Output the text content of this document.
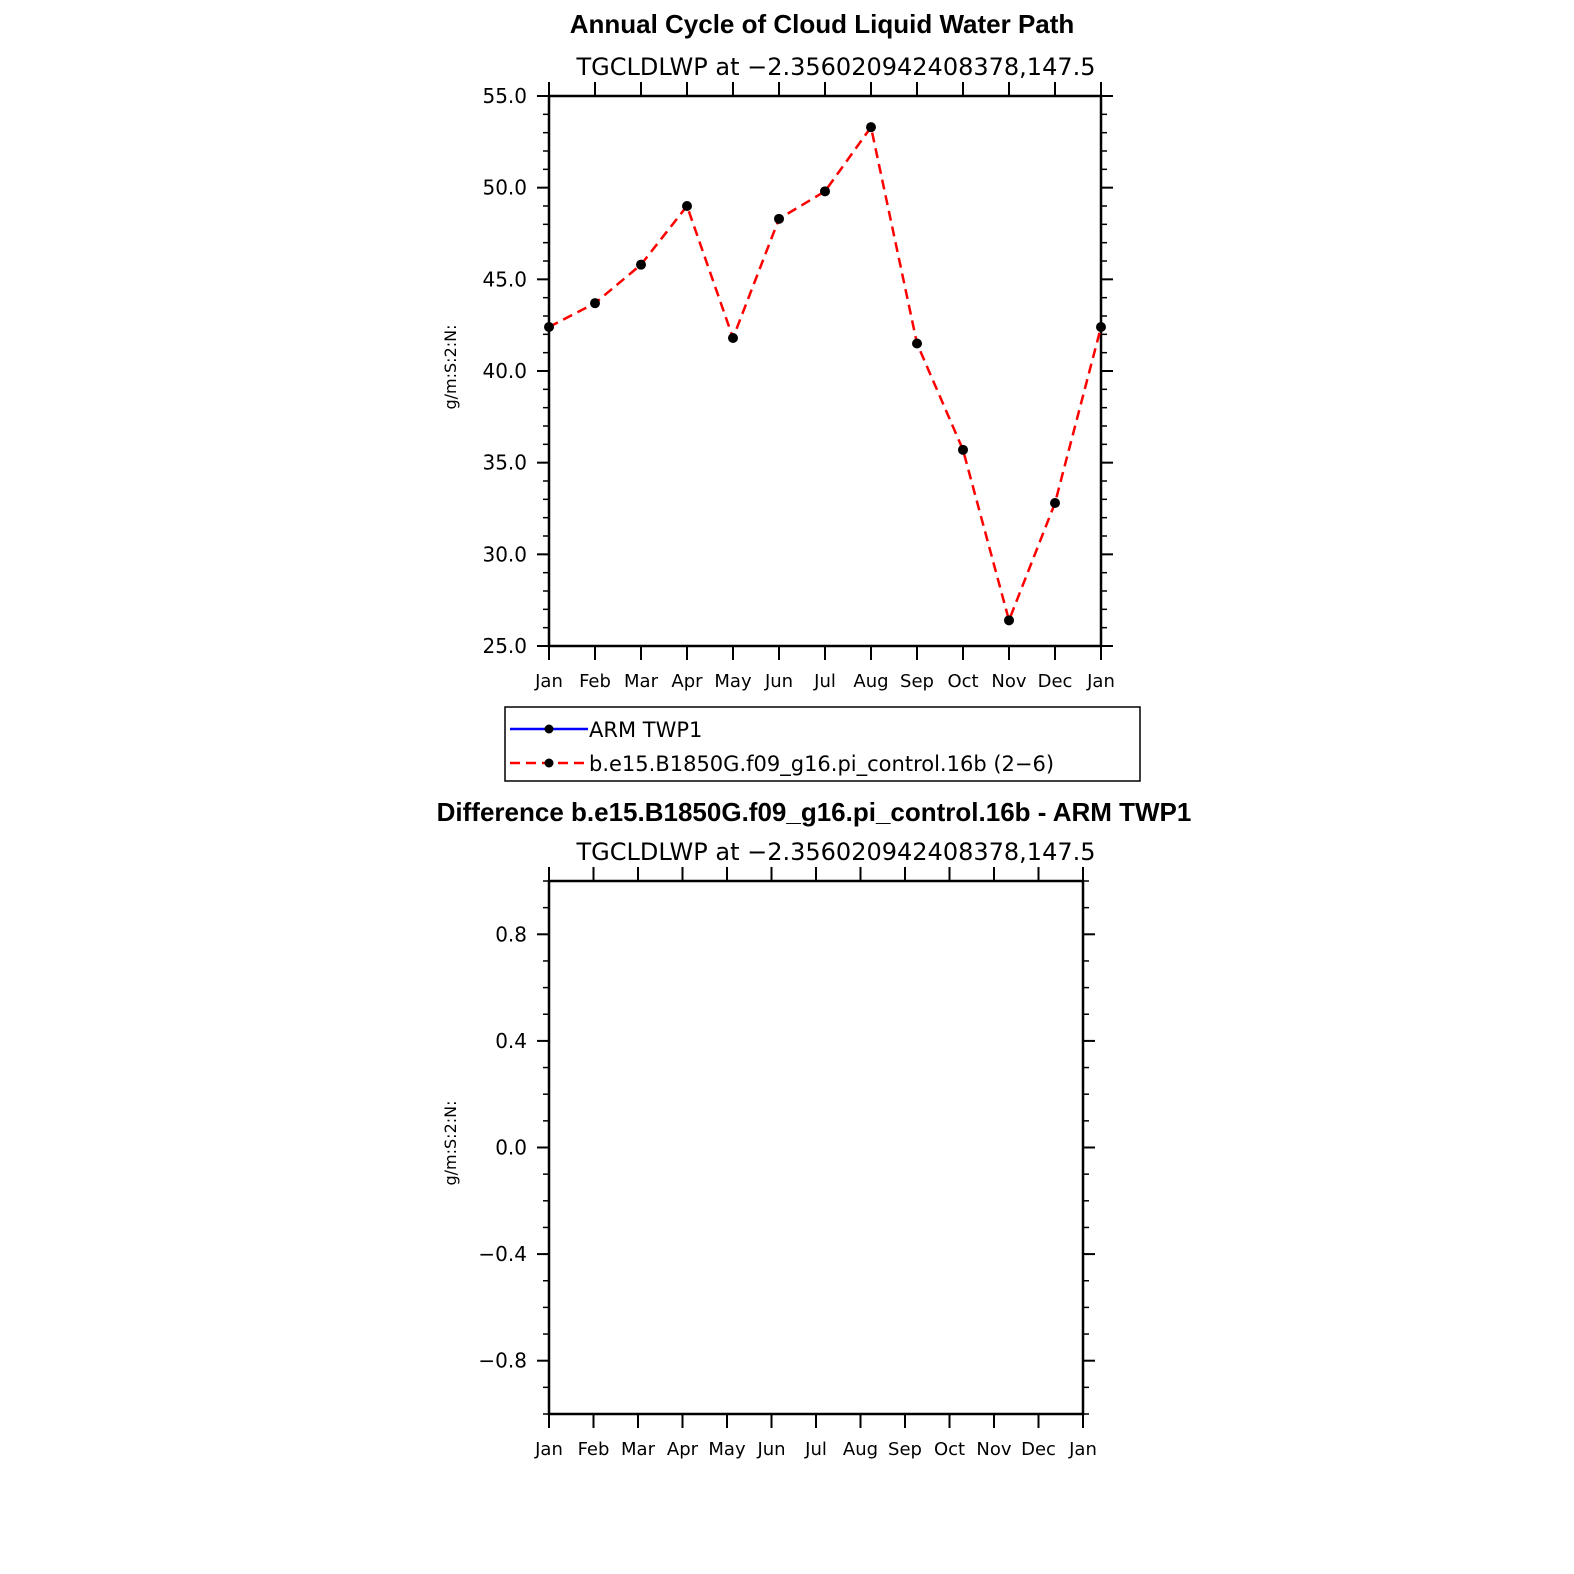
Annual Cycle of Cloud Liquid Water Path
TGCLDLWP at −2.356020942408378,147.5
g/m:S:2:N:
25.0
30.0
35.0
40.0
45.0
50.0
55.0
Jan Feb Mar Apr May Jun Jul Aug Sep Oct Nov Dec Jan
ARM TWP1
b.e15.B1850G.f09_g16.pi_control.16b (2−6)
Difference b.e15.B1850G.f09_g16.pi_control.16b - ARM TWP1
TGCLDLWP at −2.356020942408378,147.5
g/m:S:2:N:
−0.8
−0.4
0.0
0.4
0.8
Jan Feb Mar Apr May Jun Jul Aug Sep Oct Nov Dec Jan
